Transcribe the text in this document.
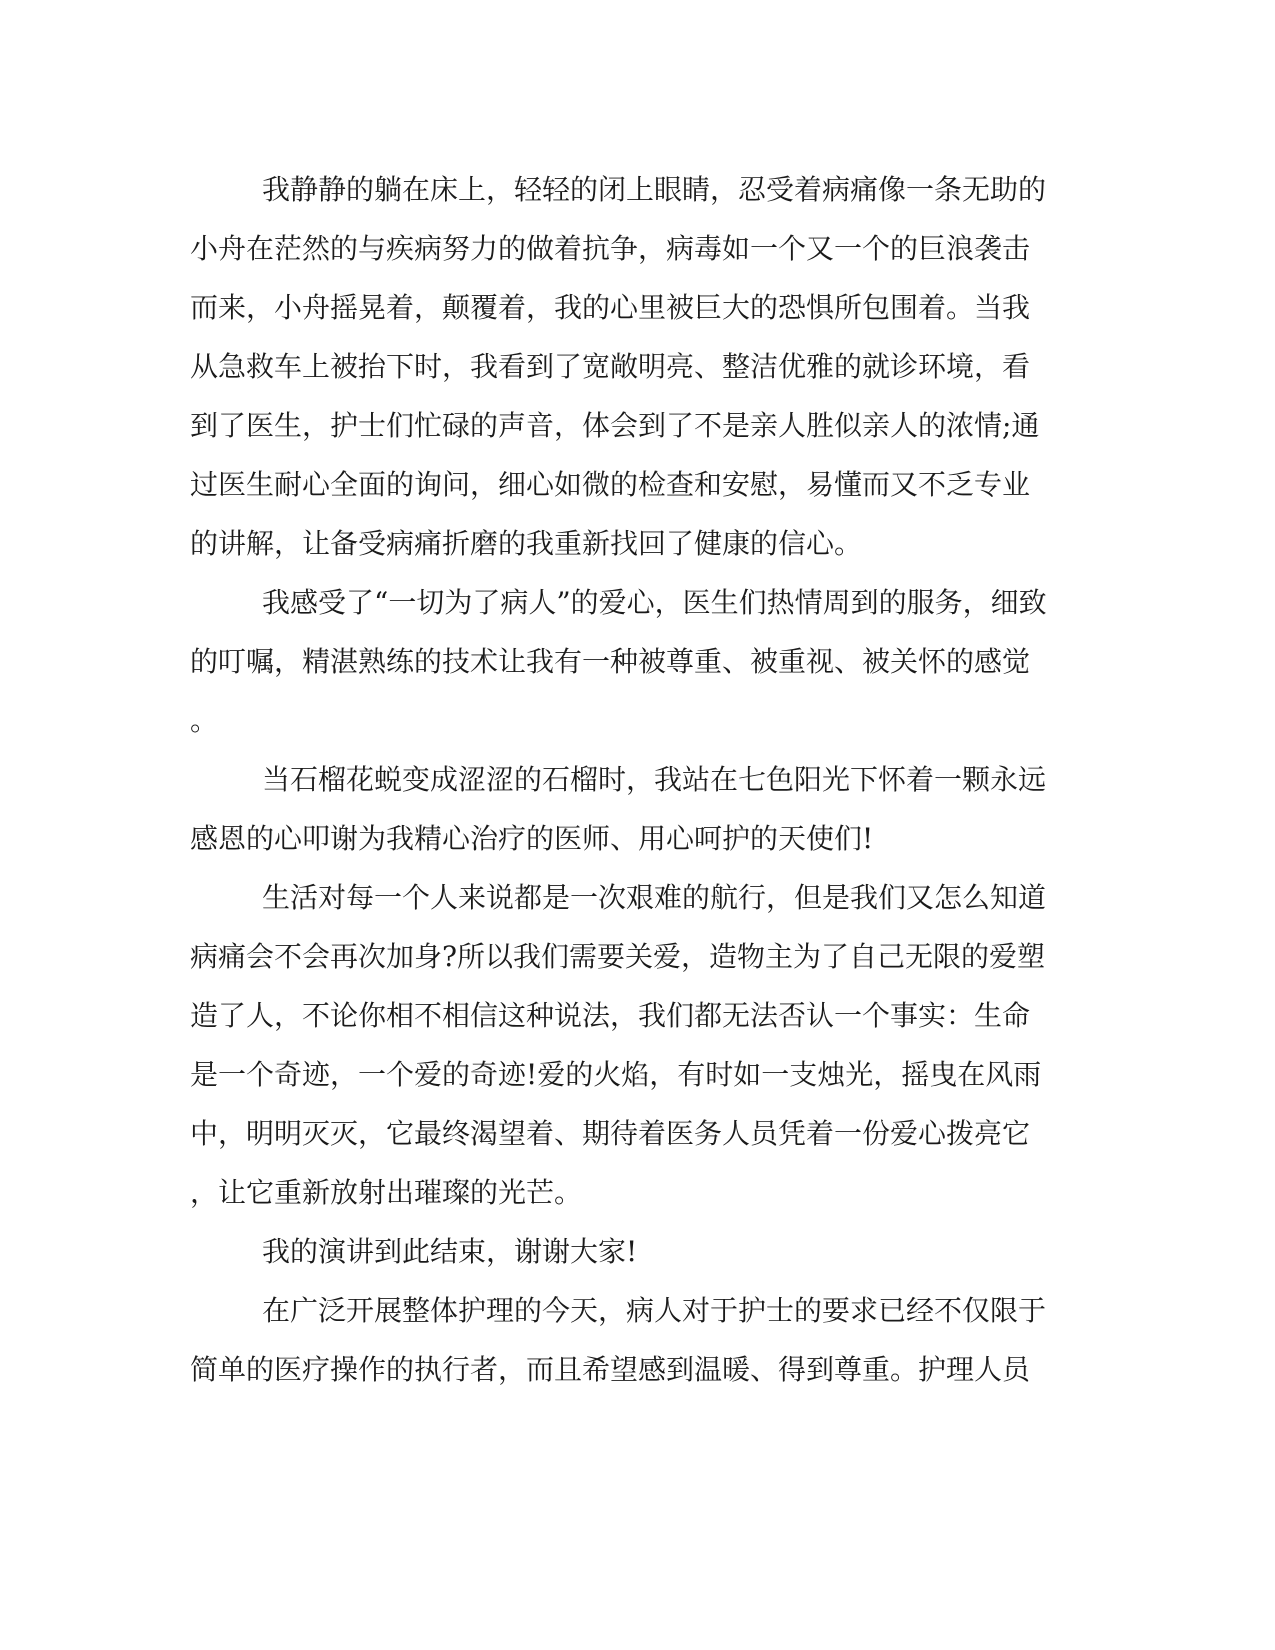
我静静的躺在床上，轻轻的闭上眼睛，忍受着病痛像一条无助的
小舟在茫然的与疾病努力的做着抗争，病毒如一个又一个的巨浪袭击
而来，小舟摇晃着，颠覆着，我的心里被巨大的恐惧所包围着。当我
从急救车上被抬下时，我看到了宽敞明亮、整洁优雅的就诊环境，看
到了医生，护士们忙碌的声音，体会到了不是亲人胜似亲人的浓情;通
过医生耐心全面的询问，细心如微的检查和安慰，易懂而又不乏专业
的讲解，让备受病痛折磨的我重新找回了健康的信心。
我感受了“一切为了病人”的爱心，医生们热情周到的服务，细致
的叮嘱，精湛熟练的技术让我有一种被尊重、被重视、被关怀的感觉
。
当石榴花蜕变成涩涩的石榴时，我站在七色阳光下怀着一颗永远
感恩的心叩谢为我精心治疗的医师、用心呵护的天使们!
生活对每一个人来说都是一次艰难的航行，但是我们又怎么知道
病痛会不会再次加身?所以我们需要关爱，造物主为了自己无限的爱塑
造了人，不论你相不相信这种说法，我们都无法否认一个事实：生命
是一个奇迹，一个爱的奇迹!爱的火焰，有时如一支烛光，摇曳在风雨
中，明明灭灭，它最终渴望着、期待着医务人员凭着一份爱心拨亮它
，让它重新放射出璀璨的光芒。
我的演讲到此结束，谢谢大家!
在广泛开展整体护理的今天，病人对于护士的要求已经不仅限于
简单的医疗操作的执行者，而且希望感到温暖、得到尊重。护理人员
